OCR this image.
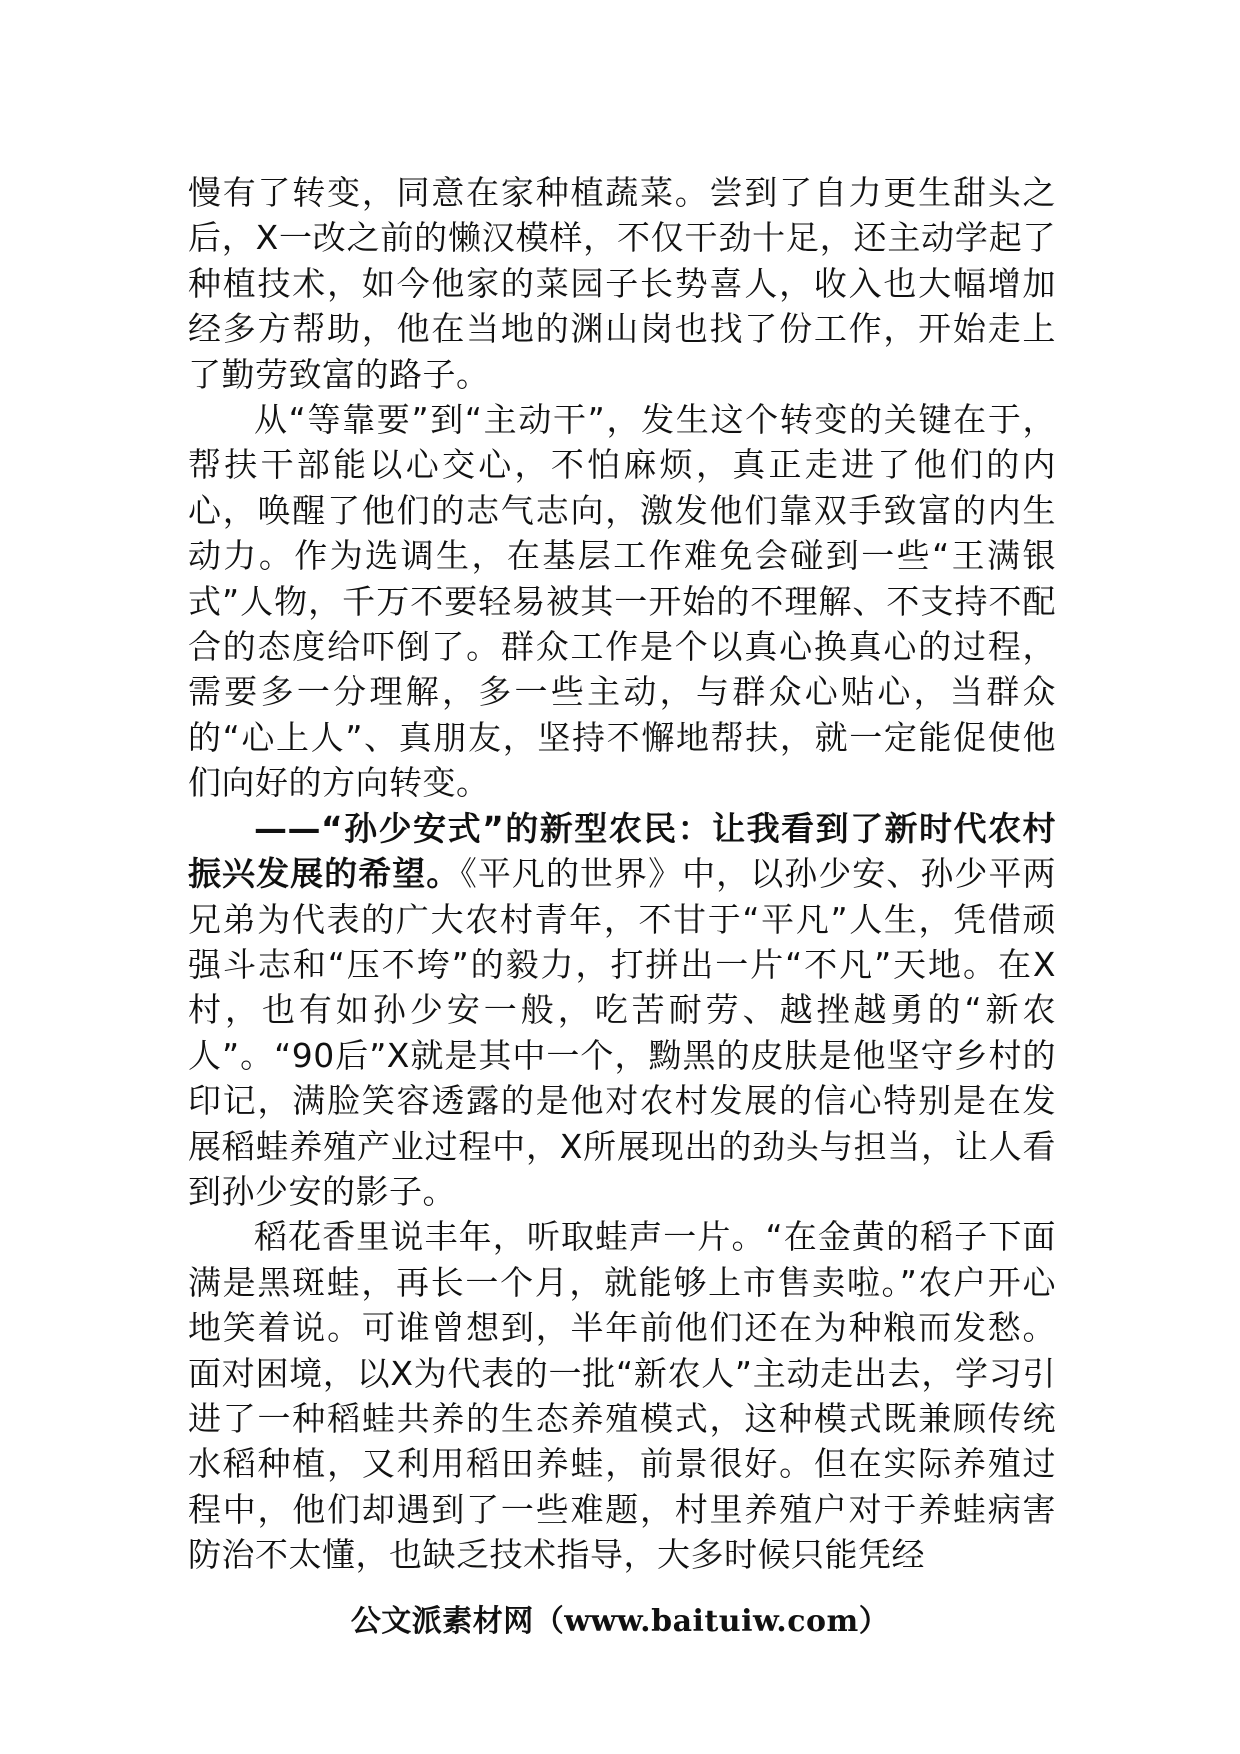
慢有了转变，同意在家种植蔬菜。尝到了自力更生甜头之后，X一改之前的懒汉模样，不仅干劲十足，还主动学起了种植技术，如今他家的菜园子长势喜人，收入也大幅增加经多方帮助，他在当地的渊山岗也找了份工作，开始走上了勤劳致富的路子。

从“等靠要”到“主动干”，发生这个转变的关键在于，帮扶干部能以心交心，不怕麻烦，真正走进了他们的内心，唤醒了他们的志气志向，激发他们靠双手致富的内生动力。作为选调生，在基层工作难免会碰到一些“王满银式”人物，千万不要轻易被其一开始的不理解、不支持不配合的态度给吓倒了。群众工作是个以真心换真心的过程，需要多一分理解，多一些主动，与群众心贴心，当群众的“心上人”、真朋友，坚持不懈地帮扶，就一定能促使他们向好的方向转变。

——“孙少安式”的新型农民：让我看到了新时代农村振兴发展的希望。《平凡的世界》中，以孙少安、孙少平两兄弟为代表的广大农村青年，不甘于“平凡”人生，凭借顽强斗志和“压不垮”的毅力，打拼出一片“不凡”天地。在X村，也有如孙少安一般，吃苦耐劳、越挫越勇的“新农人”。“90后”X就是其中一个，黝黑的皮肤是他坚守乡村的印记，满脸笑容透露的是他对农村发展的信心特别是在发展稻蛙养殖产业过程中，X所展现出的劲头与担当，让人看到孙少安的影子。

稻花香里说丰年，听取蛙声一片。“在金黄的稻子下面满是黑斑蛙，再长一个月，就能够上市售卖啦。”农户开心地笑着说。可谁曾想到，半年前他们还在为种粮而发愁。面对困境，以X为代表的一批“新农人”主动走出去，学习引进了一种稻蛙共养的生态养殖模式，这种模式既兼顾传统水稻种植，又利用稻田养蛙，前景很好。但在实际养殖过程中，他们却遇到了一些难题，村里养殖户对于养蛙病害防治不太懂，也缺乏技术指导，大多时候只能凭经

公文派素材网（www.baituiw.com）
